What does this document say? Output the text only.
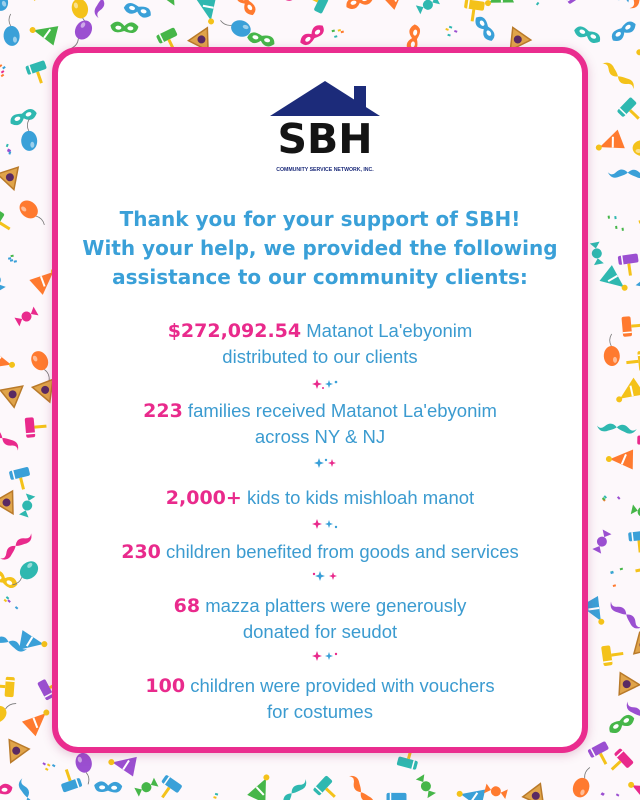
SBH
COMMUNITY SERVICE NETWORK, INC.
Thank you for your support of SBH!
With your help, we provided the following
assistance to our community clients:
$272,092.54 Matanot La'ebyonim
distributed to our clients
223 families received Matanot La'ebyonim
across NY & NJ
2,000+ kids to kids mishloah manot
230 children benefited from goods and services
68 mazza platters were generously
donated for seudot
100 children were provided with vouchers
for costumes
